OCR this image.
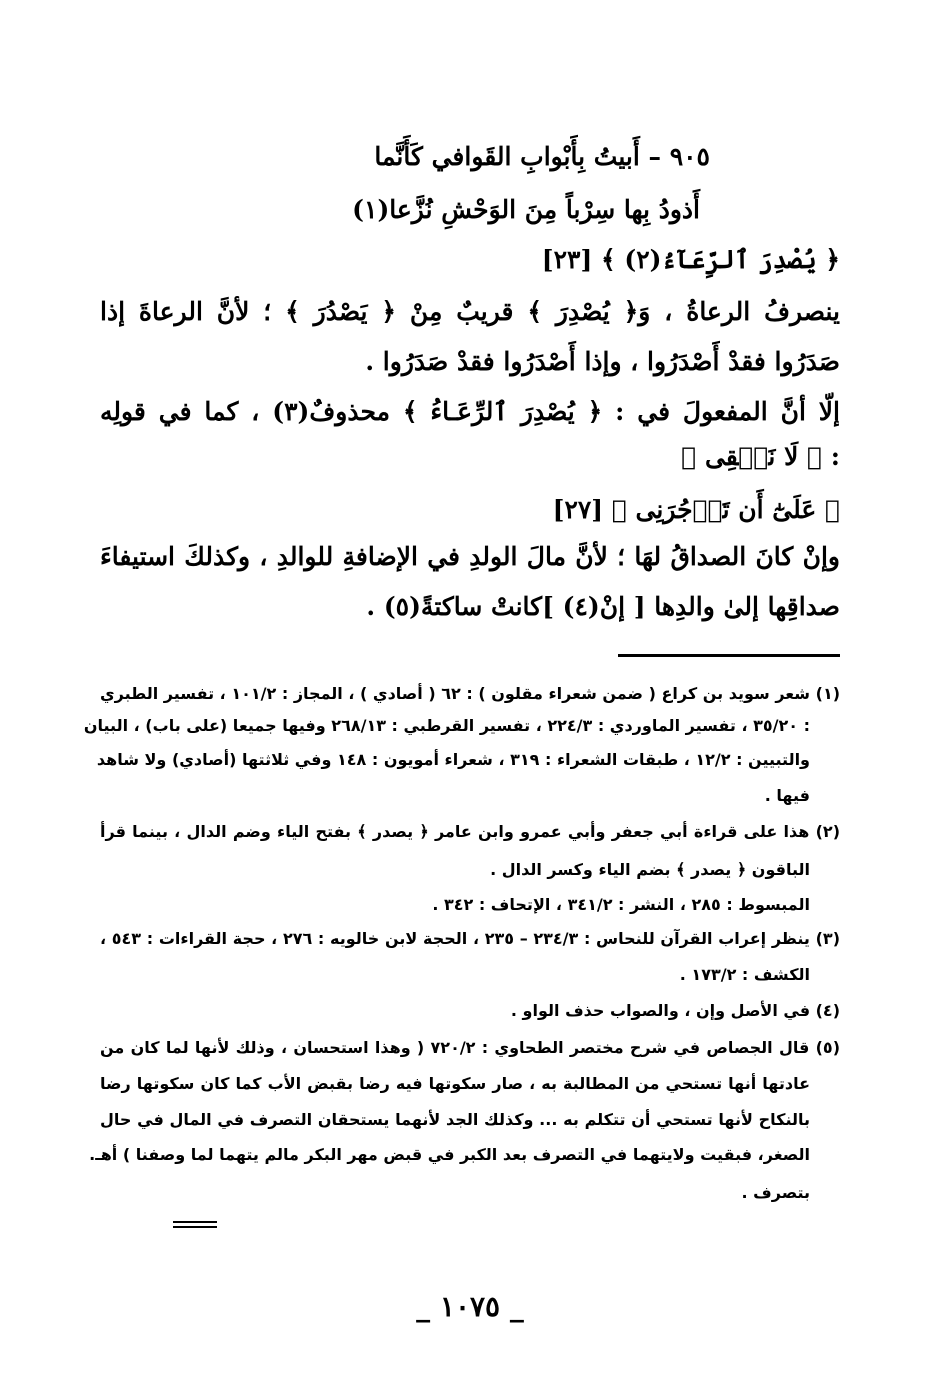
٩٠٥ – أَبيتُ بِأَبْوابِ القَوافي كَأَنَّما
أَذودُ بِها سِرْباً مِنَ الوَحْشِ نُزَّعا(١)
﴿ يُصْدِرَ ٱلرِّعَآءُ(٢) ﴾ [٢٣]
ينصرفُ الرعاةُ ، وَ﴿ يُصْدِرَ ﴾ قريبٌ مِنْ ﴿ يَصْدُرَ ﴾ ؛ لأنَّ الرعاةَ إذا
صَدَرُوا فقدْ أَصْدَرُوا ، وإذا أَصْدَرُوا فقدْ صَدَرُوا .
إلّا أنَّ المفعولَ في : ﴿ يُصْدِرَ ٱلرِّعَـاءُ ﴾ محذوفٌ(٣) ، كما في قولِه
: ﴿ لَا نَسۡقِى ﴾
﴿ عَلَىٰٓ أَن تَأۡجُرَنِى ﴾ [٢٧]
وإنْ كانَ الصداقُ لهَا ؛ لأنَّ مالَ الولدِ في الإضافةِ للوالدِ ، وكذلكَ استيفاءَ
صداقِها إلىٰ والدِها [ إنْ(٤) ]كانتْ ساكتةً(٥) .
(١) شعر سويد بن كراع ( ضمن شعراء مقلون ) : ٦٢ ( أصادي ) ، المجاز : ١٠١/٢ ، تفسير الطبري
: ٣٥/٢٠ ، تفسير الماوردي : ٢٢٤/٣ ، تفسير القرطبي : ٢٦٨/١٣ وفيها جميعا (على باب) ، البيان
والتبيين : ١٢/٢ ، طبقات الشعراء : ٣١٩ ، شعراء أمويون : ١٤٨ وفي ثلاثتها (أصادي) ولا شاهد
فيها .
(٢) هذا على قراءة أبي جعفر وأبي عمرو وابن عامر ﴿ يصدر ﴾ بفتح الياء وضم الدال ، بينما قرأ
الباقون ﴿ يصدر ﴾ بضم الياء وكسر الدال .
المبسوط : ٢٨٥ ، النشر : ٣٤١/٢ ، الإتحاف : ٣٤٢ .
(٣) ينظر إعراب القرآن للنحاس : ٢٣٤/٣ – ٢٣٥ ، الحجة لابن خالويه : ٢٧٦ ، حجة القراءات : ٥٤٣ ،
الكشف : ١٧٣/٢ .
(٤) في الأصل وإن ، والصواب حذف الواو .
(٥) قال الجصاص في شرح مختصر الطحاوي : ٧٢٠/٢ ( وهذا استحسان ، وذلك لأنها لما كان من
عادتها أنها تستحي من المطالبة به ، صار سكوتها فيه رضا بقبض الأب كما كان سكوتها رضا
بالنكاح لأنها تستحي أن تتكلم به ... وكذلك الجد لأنهما يستحقان التصرف في المال في حال
الصغر، فبقيت ولايتهما في التصرف بعد الكبر في قبض مهر البكر مالم يتهما لما وصفنا ) أهـ.
بتصرف .
_ ١٠٧٥ _
